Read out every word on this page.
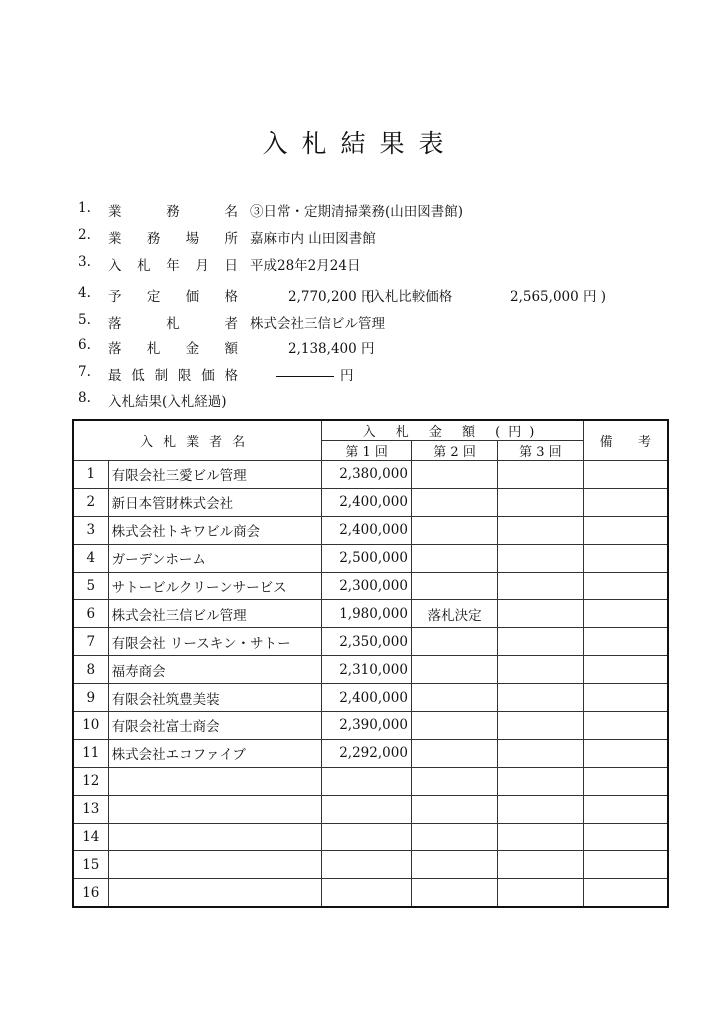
入札結果表
1. 業	務	名 ③日常・定期清掃業務(山田図書館)
2. 業 務 場 所 嘉麻市内 山田図書館
3. 入 札 年 月 日 平成28年2月24日
4. 予 定 価 格	2,770,200 円
(入札比較価格	2,565,000 円 )
5. 落	札	者 株式会社三信ビル管理
6. 落 札 金 額	2,138,400 円
7. 最 低 制 限 価 格	円
8. 入札結果(入札経過)
入札業者名		入 札 金 額 (円)			備 考

		第 1 回	第 2 回	第 3 回	
1	有限会社三愛ビル管理	2,380,000			
2	新日本管財株式会社	2,400,000			
3	株式会社トキワビル商会	2,400,000			
4	ガーデンホーム	2,500,000			
5	サトービルクリーンサービス	2,300,000			
6	株式会社三信ビル管理	1,980,000	落札決定		
7	有限会社 リースキン・サトー	2,350,000			
8	福寿商会	2,310,000			
9	有限会社筑豊美装	2,400,000			
10	有限会社富士商会	2,390,000			
11	株式会社エコファイブ	2,292,000			
12					
13					
14					
15					
16					
